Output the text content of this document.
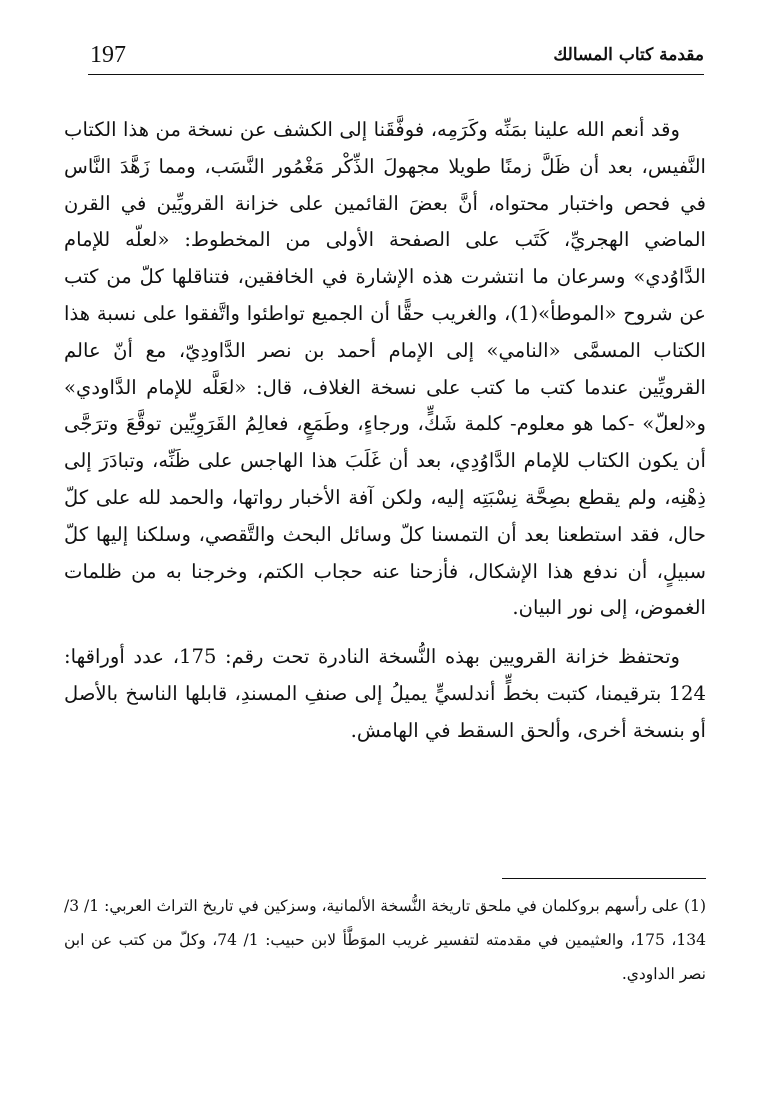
197	مقدمة كتاب المسالك

وقد أنعم الله علينا بمَنِّه وكَرَمِه، فوفَّقَنا إلى الكشف عن نسخة من هذا الكتاب النَّفيس، بعد أن ظَلَّ زمنًا طويلا مجهولَ الذِّكْر مَغْمُور النَّسَب، ومما زَهَّدَ النَّاس في فحص واختبار محتواه، أنَّ بعضَ القائمين على خزانة القرويِّين في القرن الماضي الهجريِّ، كَتَب على الصفحة الأولى من المخطوط: «لعلّه للإمام الدَّاوُدي» وسرعان ما انتشرت هذه الإشارة في الخافقين، فتناقلها كلّ من كتب عن شروح «الموطأ»(1)، والغريب حقًّا أن الجميع تواطئوا واتَّفقوا على نسبة هذا الكتاب المسمَّى «النامي» إلى الإمام أحمد بن نصر الدَّاودِيّ، مع أنّ عالم القرويِّين عندما كتب ما كتب على نسخة الغلاف، قال: «لعَلَّه للإمام الدَّاودي» و«لعلّ» -كما هو معلوم- كلمة شَكٍّ، ورجاءٍ، وطَمَعٍ، فعالِمُ القَرَوِيِّين توقَّعَ وترَجَّى أن يكون الكتاب للإمام الدَّاوُدِي، بعد أن غَلَبَ هذا الهاجس على ظَنِّه، وتبادَرَ إلى ذِهْنِه، ولم يقطع بصِحَّة نِسْبَتِه إليه، ولكن آفة الأخبار رواتها، والحمد لله على كلّ حال، فقد استطعنا بعد أن التمسنا كلّ وسائل البحث والتَّقصي، وسلكنا إليها كلّ سبيلٍ، أن ندفع هذا الإشكال، فأزحنا عنه حجاب الكتم، وخرجنا به من ظلمات الغموض، إلى نور البيان.

وتحتفظ خزانة القرويين بهذه النُّسخة النادرة تحت رقم: 175، عدد أوراقها: 124 بترقيمنا، كتبت بخطٍّ أندلسيٍّ يميلُ إلى صنفِ المسندِ، قابلها الناسخ بالأصل أو بنسخة أخرى، وألحق السقط في الهامش.

(1) على رأسهم بروكلمان في ملحق تاريخة النُّسخة الألمانية، وسزكين في تاريخ التراث العربي: 1/ 3/ 134، 175، والعثيمين في مقدمته لتفسير غريب الموَطَّأ لابن حبيب: 1/ 74، وكلّ من كتب عن ابن نصر الداودي.
